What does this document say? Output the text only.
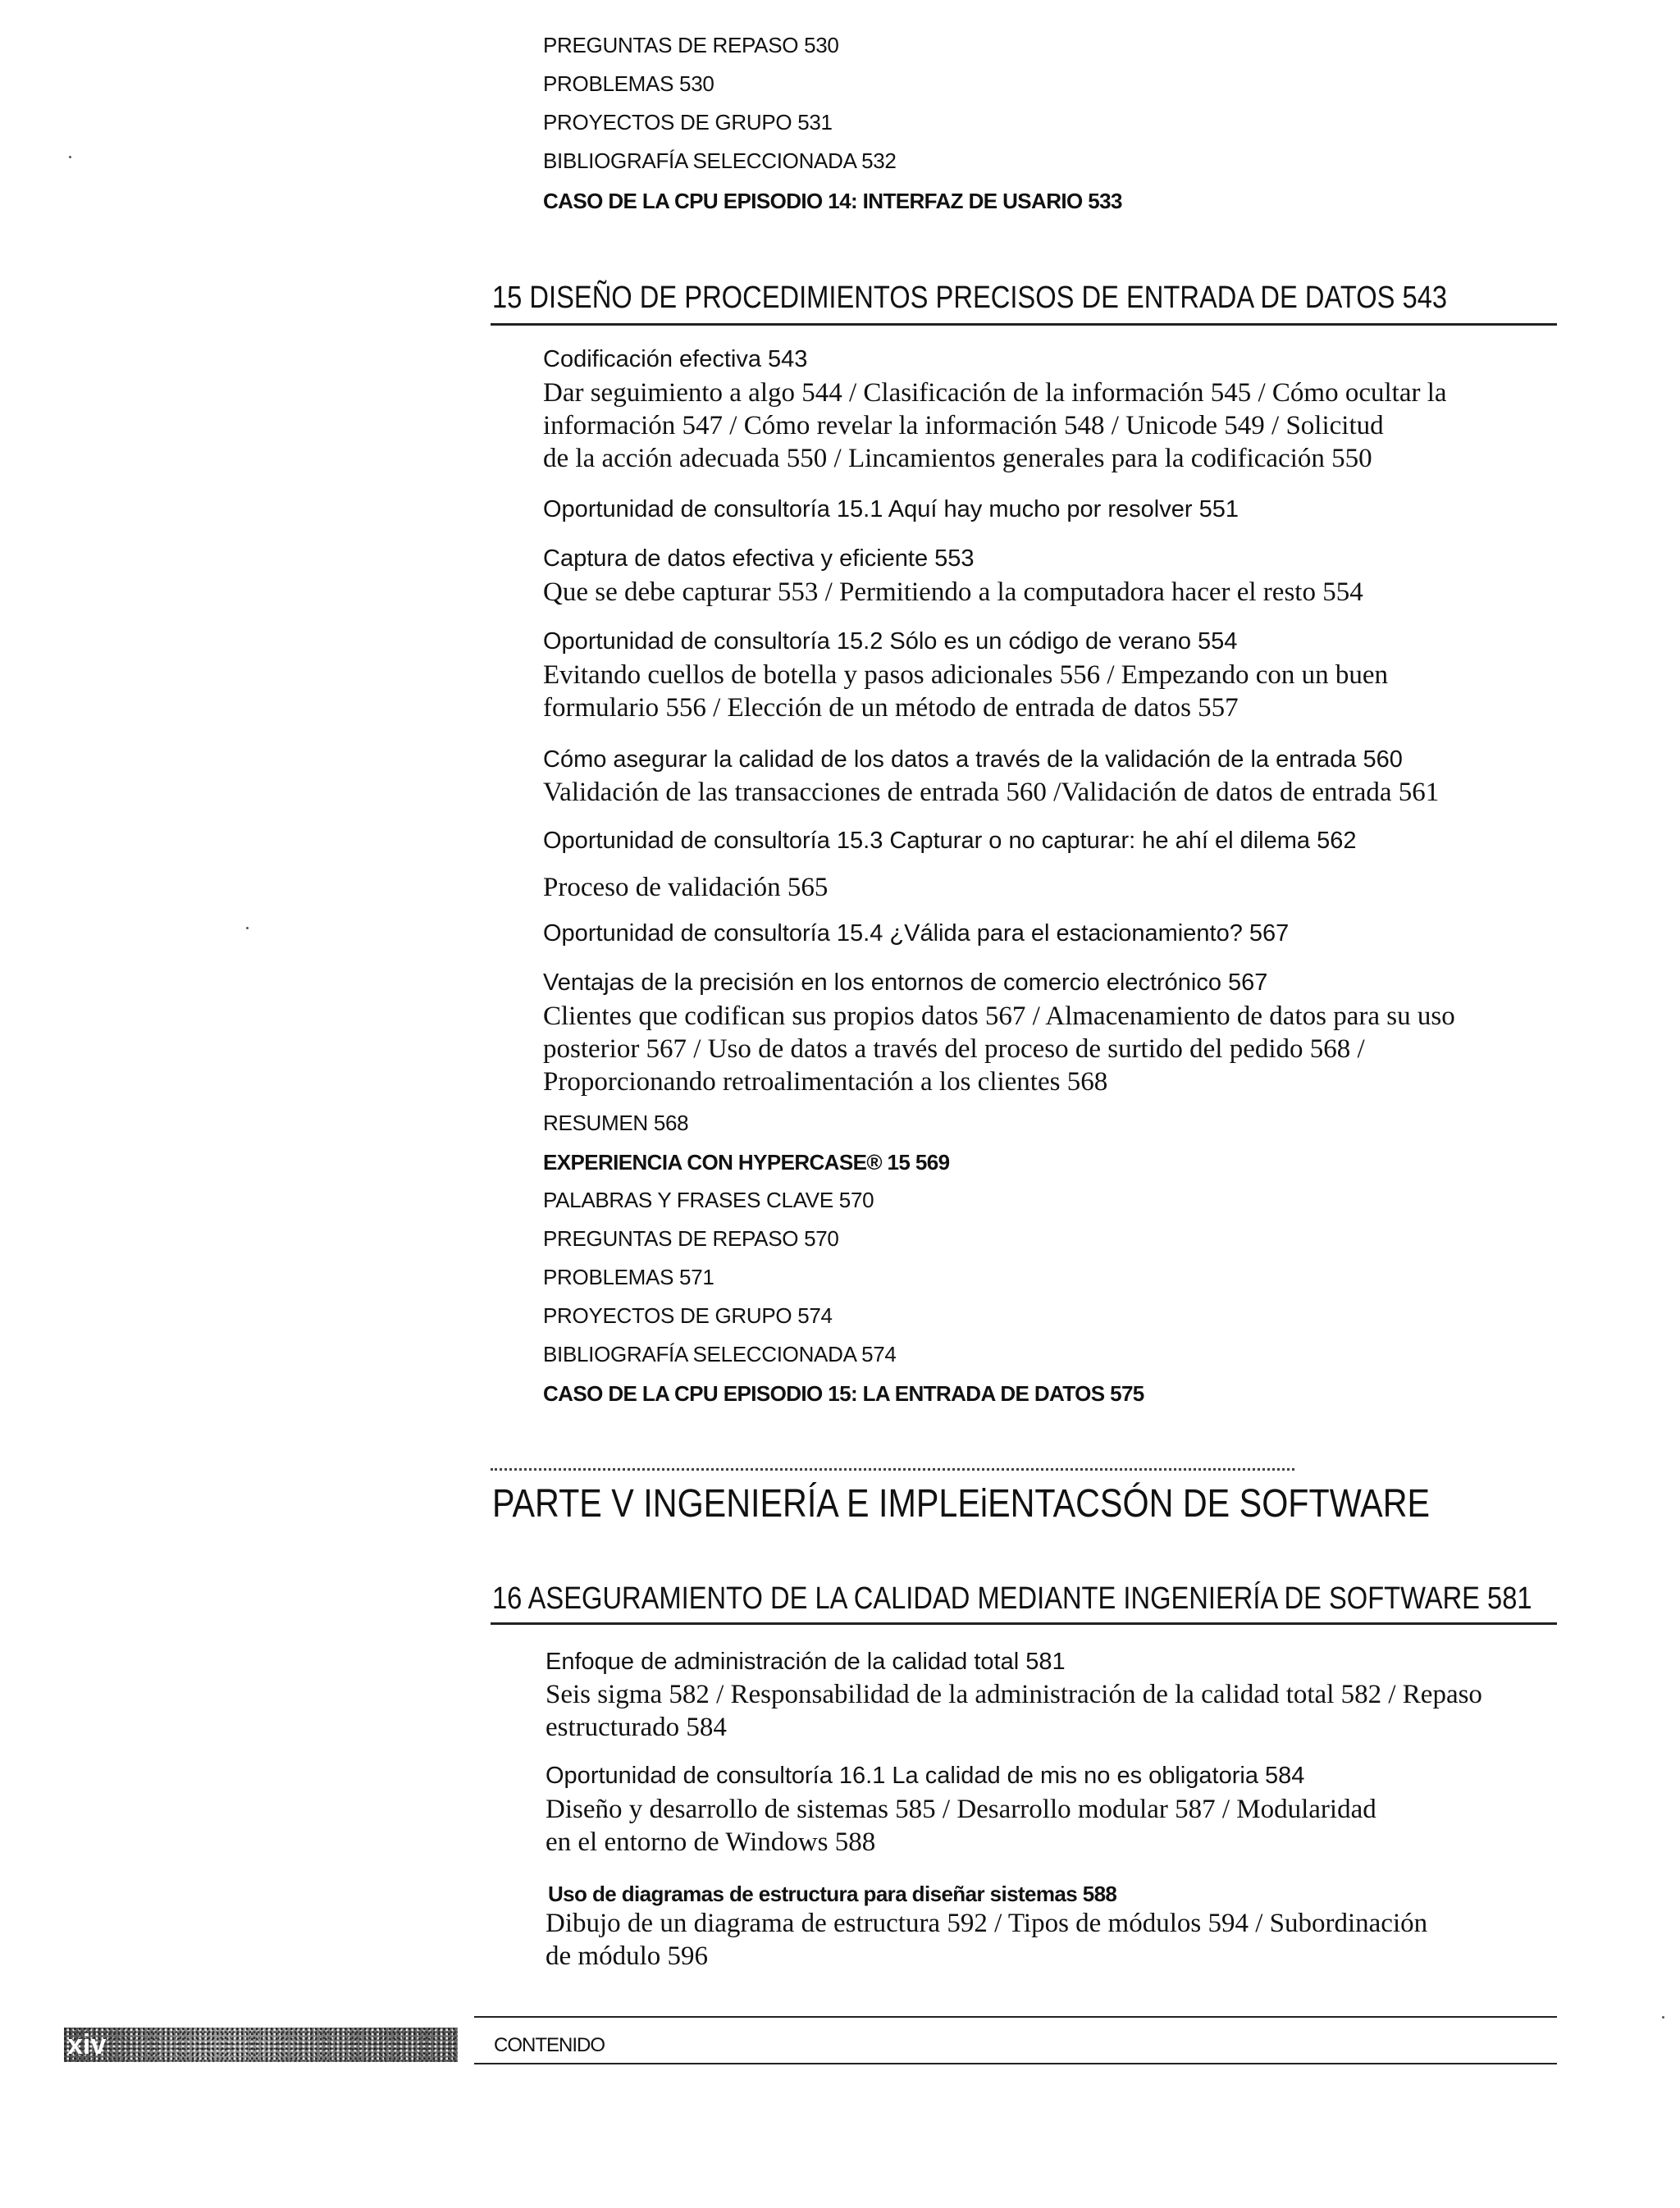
PREGUNTAS DE REPASO 530
PROBLEMAS 530
PROYECTOS DE GRUPO 531
BIBLIOGRAFÍA SELECCIONADA 532
CASO DE LA CPU EPISODIO 14: INTERFAZ DE USARIO 533
15 DISEÑO DE PROCEDIMIENTOS PRECISOS DE ENTRADA DE DATOS 543
Codificación efectiva 543
Dar seguimiento a algo 544 / Clasificación de la información 545 / Cómo ocultar la
información 547 / Cómo revelar la información 548 / Unicode 549 / Solicitud
de la acción adecuada 550 / Lincamientos generales para la codificación 550
Oportunidad de consultoría 15.1 Aquí hay mucho por resolver 551
Captura de datos efectiva y eficiente 553
Que se debe capturar 553 / Permitiendo a la computadora hacer el resto 554
Oportunidad de consultoría 15.2 Sólo es un código de verano 554
Evitando cuellos de botella y pasos adicionales 556 / Empezando con un buen
formulario 556 / Elección de un método de entrada de datos 557
Cómo asegurar la calidad de los datos a través de la validación de la entrada 560
Validación de las transacciones de entrada 560 /Validación de datos de entrada 561
Oportunidad de consultoría 15.3 Capturar o no capturar: he ahí el dilema 562
Proceso de validación 565
Oportunidad de consultoría 15.4 ¿Válida para el estacionamiento? 567
Ventajas de la precisión en los entornos de comercio electrónico 567
Clientes que codifican sus propios datos 567 / Almacenamiento de datos para su uso
posterior 567 / Uso de datos a través del proceso de surtido del pedido 568 /
Proporcionando retroalimentación a los clientes 568
RESUMEN 568
EXPERIENCIA CON HYPERCASE® 15 569
PALABRAS Y FRASES CLAVE 570
PREGUNTAS DE REPASO 570
PROBLEMAS 571
PROYECTOS DE GRUPO 574
BIBLIOGRAFÍA SELECCIONADA 574
CASO DE LA CPU EPISODIO 15: LA ENTRADA DE DATOS 575
PARTE V INGENIERÍA E IMPLEiENTACSÓN DE SOFTWARE
16 ASEGURAMIENTO DE LA CALIDAD MEDIANTE INGENIERÍA DE SOFTWARE 581
Enfoque de administración de la calidad total 581
Seis sigma 582 / Responsabilidad de la administración de la calidad total 582 / Repaso
estructurado 584
Oportunidad de consultoría 16.1 La calidad de mis no es obligatoria 584
Diseño y desarrollo de sistemas 585 / Desarrollo modular 587 / Modularidad
en el entorno de Windows 588
Uso de diagramas de estructura para diseñar sistemas 588
Dibujo de un diagrama de estructura 592 / Tipos de módulos 594 / Subordinación
de módulo 596
xiv	CONTENIDO
